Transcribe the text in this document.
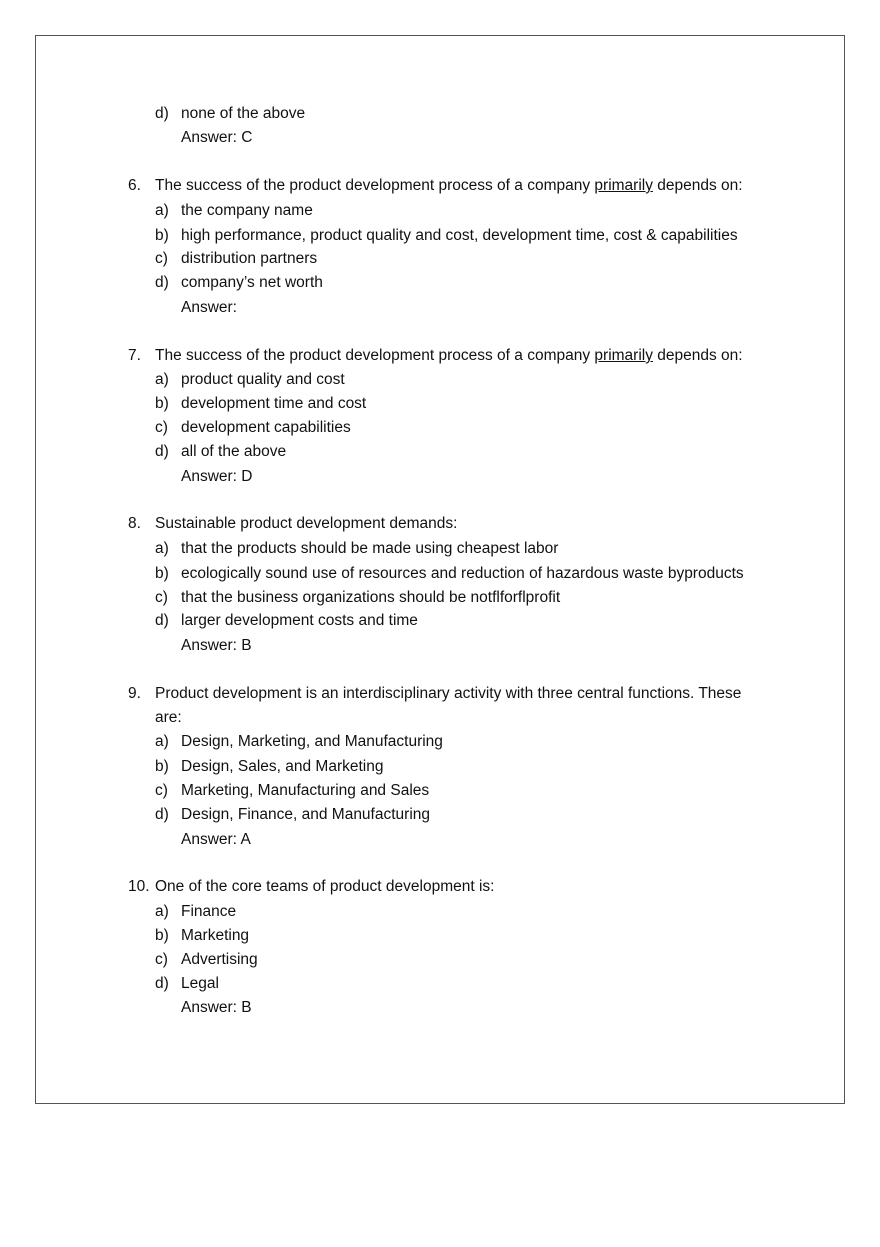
d) none of the above
Answer: C
6. The success of the product development process of a company primarily depends on:
a) the company name
b) high performance, product quality and cost, development time, cost & capabilities
c) distribution partners
d) company’s net worth
Answer:
7. The success of the product development process of a company primarily depends on:
a) product quality and cost
b) development time and cost
c) development capabilities
d) all of the above
Answer: D
8. Sustainable product development demands:
a) that the products should be made using cheapest labor
b) ecologically sound use of resources and reduction of hazardous waste byproducts
c) that the business organizations should be notflforflprofit
d) larger development costs and time
Answer: B
9. Product development is an interdisciplinary activity with three central functions. These
are:
a) Design, Marketing, and Manufacturing
b) Design, Sales, and Marketing
c) Marketing, Manufacturing and Sales
d) Design, Finance, and Manufacturing
Answer: A
10. One of the core teams of product development is:
a) Finance
b) Marketing
c) Advertising
d) Legal
Answer: B
